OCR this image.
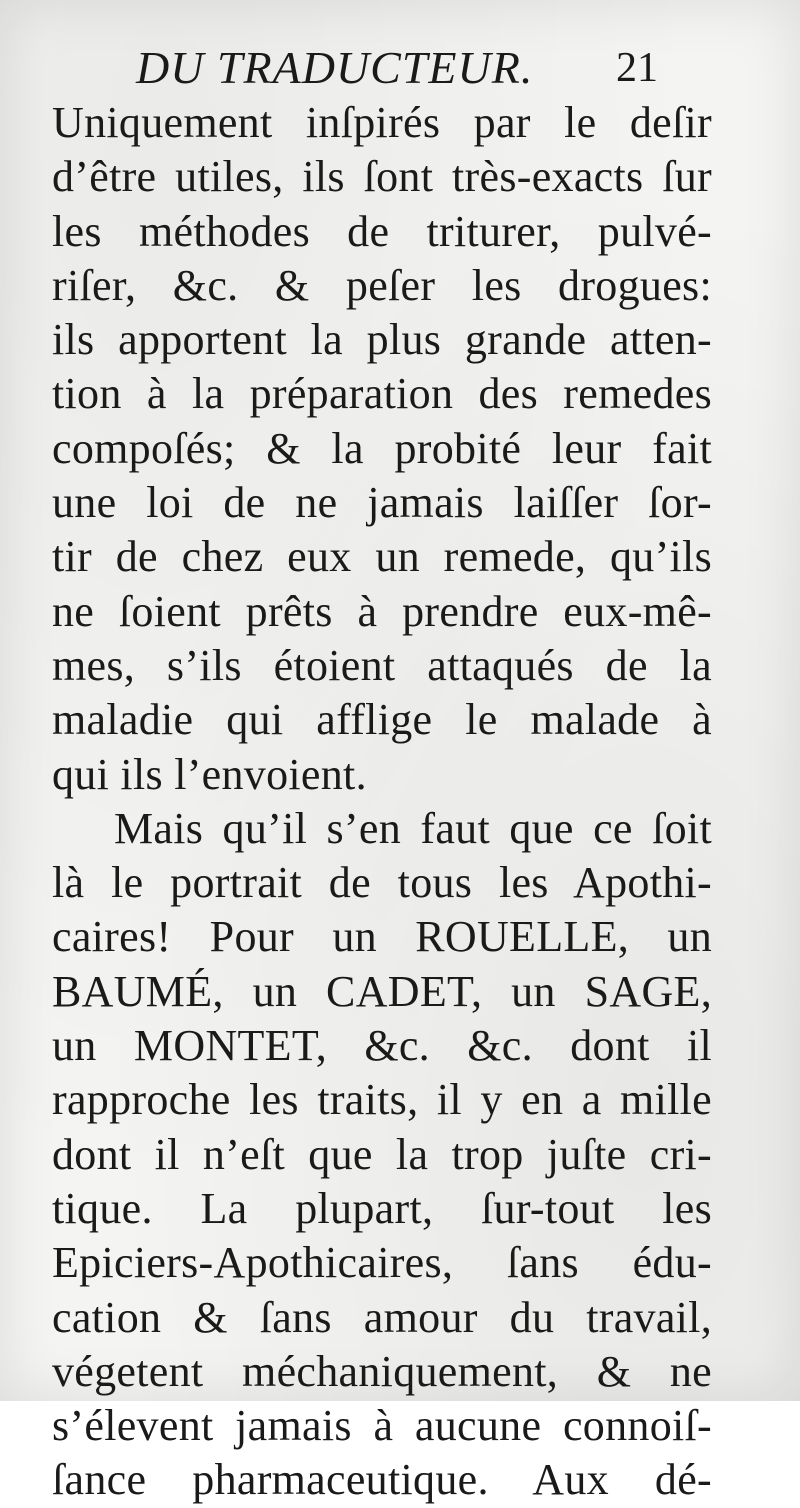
DU TRADUCTEUR. 21
Uniquement inſpirés par le deſir
d’être utiles, ils ſont très-exacts ſur
les méthodes de triturer, pulvé-
riſer, &c. & peſer les drogues:
ils apportent la plus grande atten-
tion à la préparation des remedes
compoſés; & la probité leur fait
une loi de ne jamais laiſſer ſor-
tir de chez eux un remede, qu’ils
ne ſoient prêts à prendre eux-mê-
mes, s’ils étoient attaqués de la
maladie qui afflige le malade à
qui ils l’envoient.
Mais qu’il s’en faut que ce ſoit
là le portrait de tous les Apothi-
caires! Pour un ROUELLE, un
BAUMÉ, un CADET, un SAGE,
un MONTET, &c. &c. dont il
rapproche les traits, il y en a mille
dont il n’eſt que la trop juſte cri-
tique. La plupart, ſur-tout les
Epiciers-Apothicaires, ſans édu-
cation & ſans amour du travail,
végetent méchaniquement, & ne
s’élevent jamais à aucune connoiſ-
ſance pharmaceutique. Aux dé-
